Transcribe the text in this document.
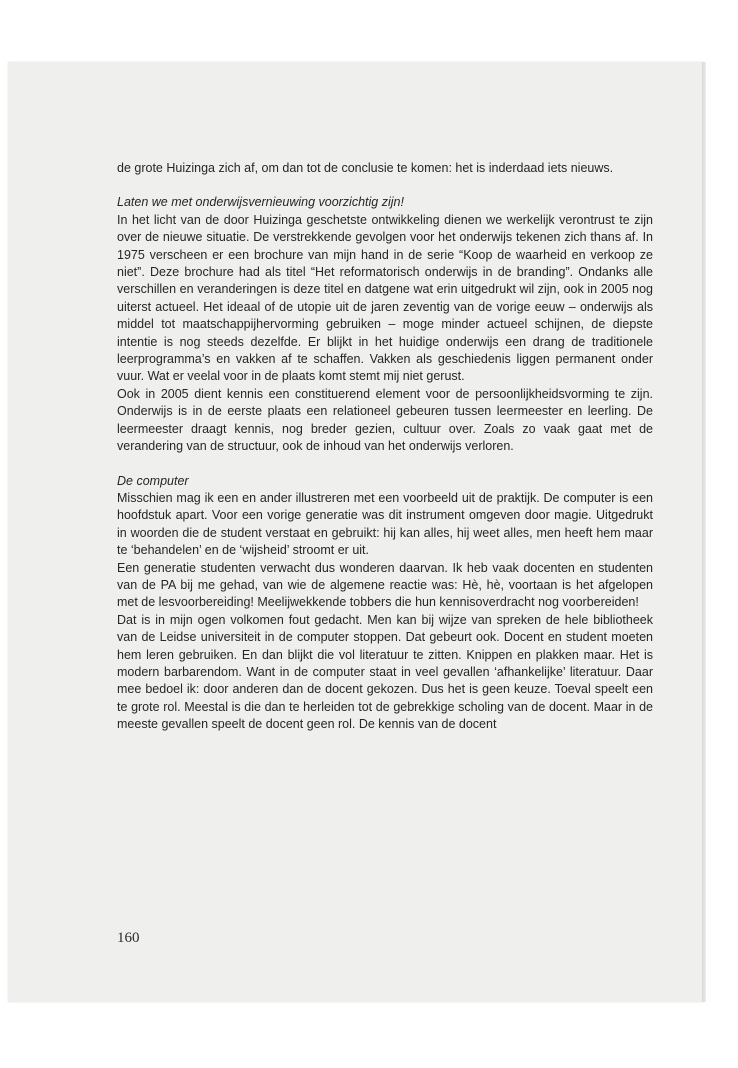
de grote Huizinga zich af, om dan tot de conclusie te komen: het is inderdaad iets nieuws.

Laten we met onderwijsvernieuwing voorzichtig zijn!

In het licht van de door Huizinga geschetste ontwikkeling dienen we werkelijk verontrust te zijn over de nieuwe situatie. De verstrekkende gevolgen voor het onderwijs tekenen zich thans af. In 1975 verscheen er een brochure van mijn hand in de serie “Koop de waarheid en verkoop ze niet”. Deze brochure had als titel “Het reformatorisch onderwijs in de branding”. Ondanks alle verschillen en veranderingen is deze titel en datgene wat erin uitgedrukt wil zijn, ook in 2005 nog uiterst actueel. Het ideaal of de utopie uit de jaren zeventig van de vorige eeuw – onderwijs als middel tot maatschappijhervorming gebruiken – moge minder actueel schijnen, de diepste intentie is nog steeds dezelfde. Er blijkt in het huidige onderwijs een drang de traditionele leerprogramma’s en vakken af te schaffen. Vakken als geschiedenis liggen permanent onder vuur. Wat er veelal voor in de plaats komt stemt mij niet gerust.

Ook in 2005 dient kennis een constituerend element voor de persoonlijkheidsvorming te zijn. Onderwijs is in de eerste plaats een relationeel gebeuren tussen leermeester en leerling. De leermeester draagt kennis, nog breder gezien, cultuur over. Zoals zo vaak gaat met de verandering van de structuur, ook de inhoud van het onderwijs verloren.

De computer

Misschien mag ik een en ander illustreren met een voorbeeld uit de praktijk. De computer is een hoofdstuk apart. Voor een vorige generatie was dit instrument omgeven door magie. Uitgedrukt in woorden die de student verstaat en gebruikt: hij kan alles, hij weet alles, men heeft hem maar te ‘behandelen’ en de ‘wijsheid’ stroomt er uit.

Een generatie studenten verwacht dus wonderen daarvan. Ik heb vaak docenten en studenten van de PA bij me gehad, van wie de algemene reactie was: Hè, hè, voortaan is het afgelopen met de lesvoorbereiding! Meelijwekkende tobbers die hun kennisoverdracht nog voorbereiden!

Dat is in mijn ogen volkomen fout gedacht. Men kan bij wijze van spreken de hele bibliotheek van de Leidse universiteit in de computer stoppen. Dat gebeurt ook. Docent en student moeten hem leren gebruiken. En dan blijkt die vol literatuur te zitten. Knippen en plakken maar. Het is modern barbarendom. Want in de computer staat in veel gevallen ‘afhankelijke’ literatuur. Daar mee bedoel ik: door anderen dan de docent gekozen. Dus het is geen keuze. Toeval speelt een te grote rol. Meestal is die dan te herleiden tot de gebrekkige scholing van de docent. Maar in de meeste gevallen speelt de docent geen rol. De kennis van de docent

160
